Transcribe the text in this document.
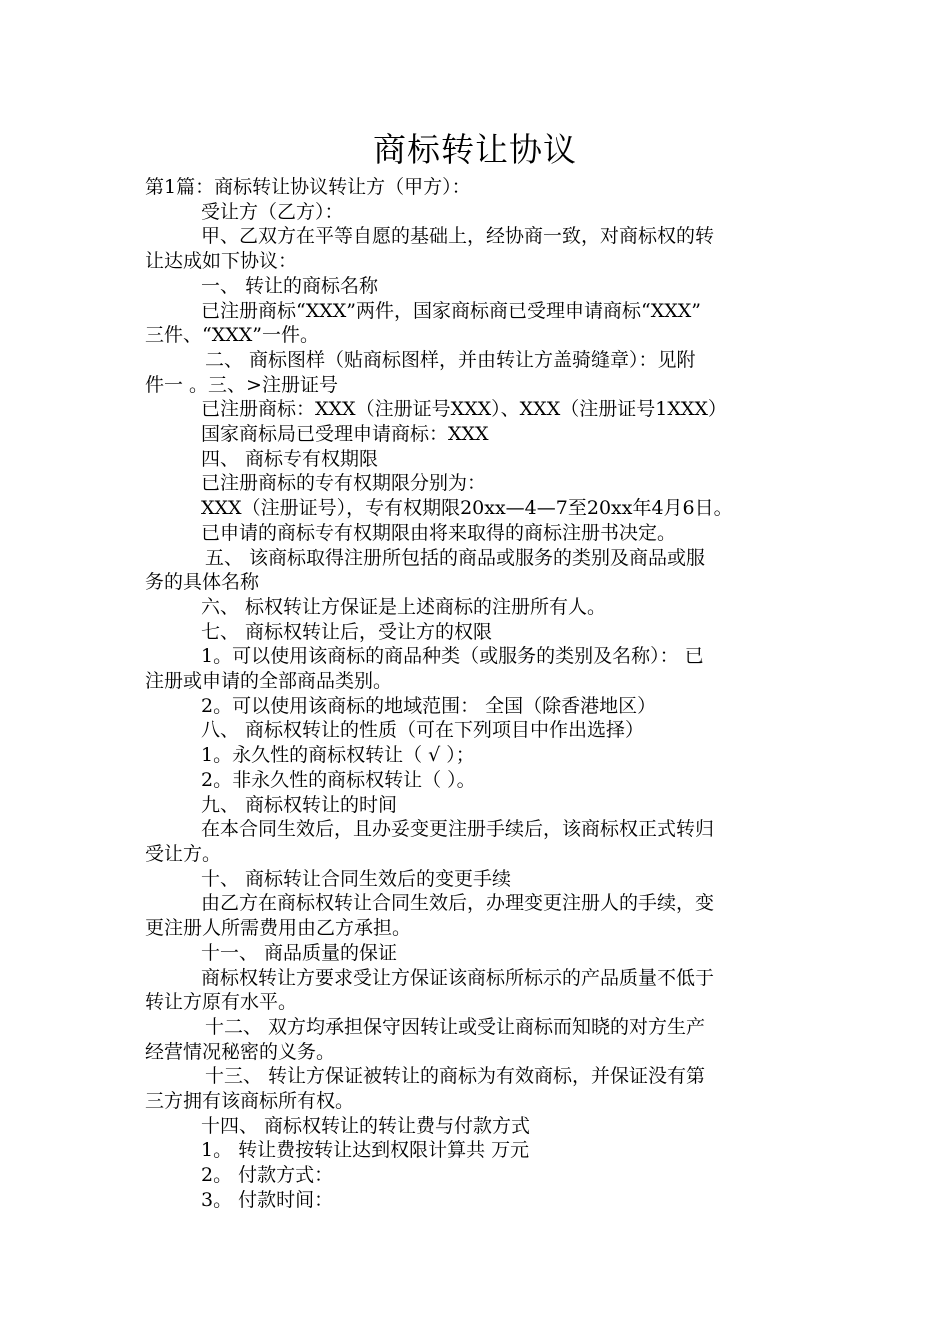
商标转让协议

第1篇：商标转让协议转让方（甲方）：

受让方（乙方）：

甲、乙双方在平等自愿的基础上，经协商一致，对商标权的转

让达成如下协议：

一、 转让的商标名称

已注册商标“XXX”两件，国家商标商已受理申请商标“XXX”

三件、“XXX”一件。

二、 商标图样（贴商标图样，并由转让方盖骑缝章）：见附

件一 。三、>注册证号

已注册商标：XXX（注册证号XXX）、XXX（注册证号1XXX）

国家商标局已受理申请商标：XXX

四、 商标专有权期限

已注册商标的专有权期限分别为：

XXX（注册证号），专有权期限20xx—4—7至20xx年4月6日。

已申请的商标专有权期限由将来取得的商标注册书决定。

五、 该商标取得注册所包括的商品或服务的类别及商品或服

务的具体名称

六、 标权转让方保证是上述商标的注册所有人。

七、 商标权转让后，受让方的权限

1。可以使用该商标的商品种类（或服务的类别及名称）： 已

注册或申请的全部商品类别。

2。可以使用该商标的地域范围： 全国（除香港地区）

八、 商标权转让的性质（可在下列项目中作出选择）

1。永久性的商标权转让（ √ ）；

2。非永久性的商标权转让（ ）。

九、 商标权转让的时间

在本合同生效后，且办妥变更注册手续后，该商标权正式转归

受让方。

十、 商标转让合同生效后的变更手续

由乙方在商标权转让合同生效后，办理变更注册人的手续，变

更注册人所需费用由乙方承担。

十一、 商品质量的保证

商标权转让方要求受让方保证该商标所标示的产品质量不低于

转让方原有水平。

十二、 双方均承担保守因转让或受让商标而知晓的对方生产

经营情况秘密的义务。

十三、 转让方保证被转让的商标为有效商标，并保证没有第

三方拥有该商标所有权。

十四、 商标权转让的转让费与付款方式

1。 转让费按转让达到权限计算共 万元

2。 付款方式：

3。 付款时间：
